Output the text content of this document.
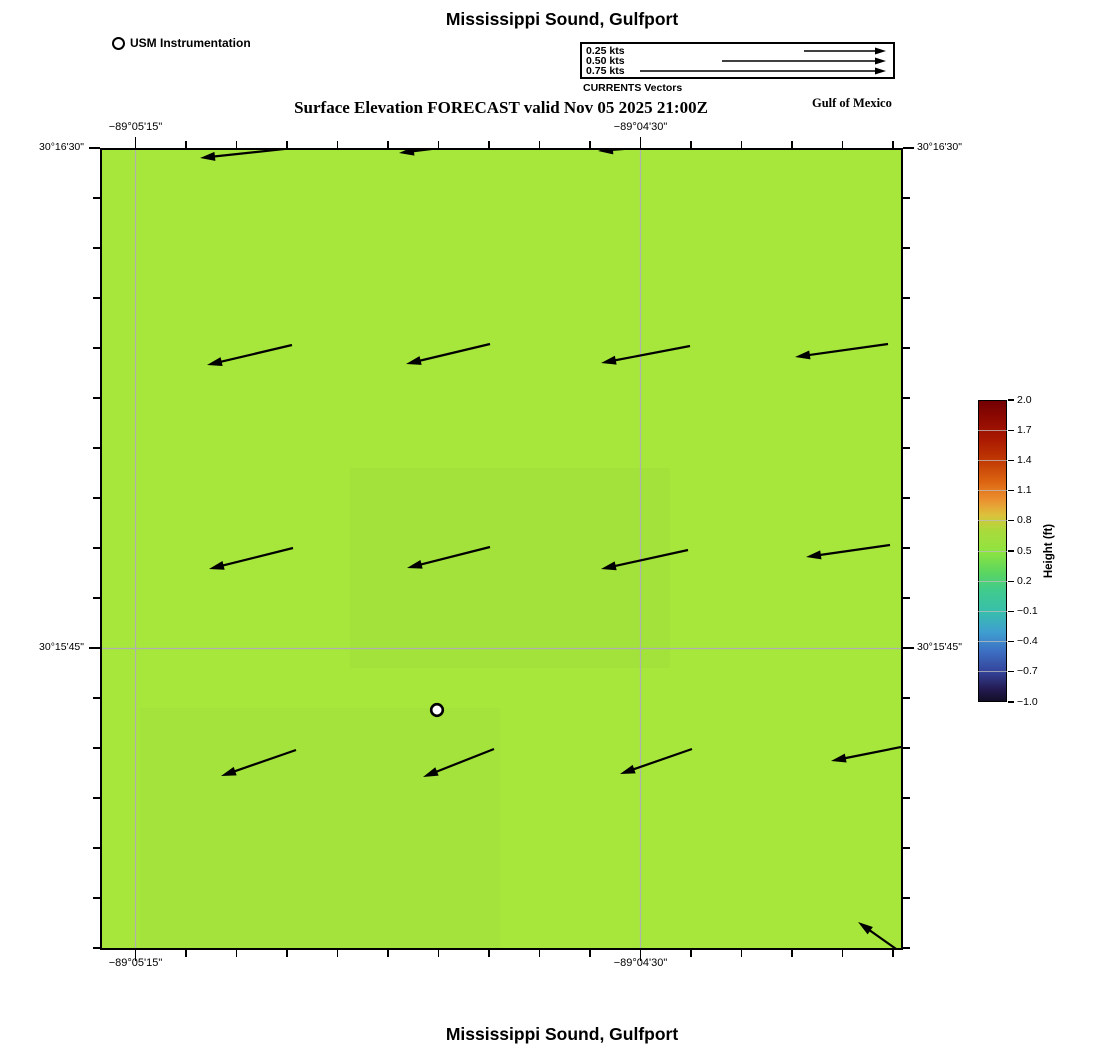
Mississippi Sound, Gulfport
Surface Elevation FORECAST valid Nov 05 2025 21:00Z	Gulf of Mexico
Mississippi Sound, Gulfport
USM Instrumentation
0.25 kts
0.50 kts
0.75 kts
CURRENTS Vectors
−89°05'15"	−89°04'30"
−89°05'15"	−89°04'30"
30°16'30"
30°15'45"
30°16'30"
30°15'45"
2.0
1.7
1.4
1.1
0.8
0.5
0.2
−0.1
−0.4
−0.7
−1.0
Height (ft)
